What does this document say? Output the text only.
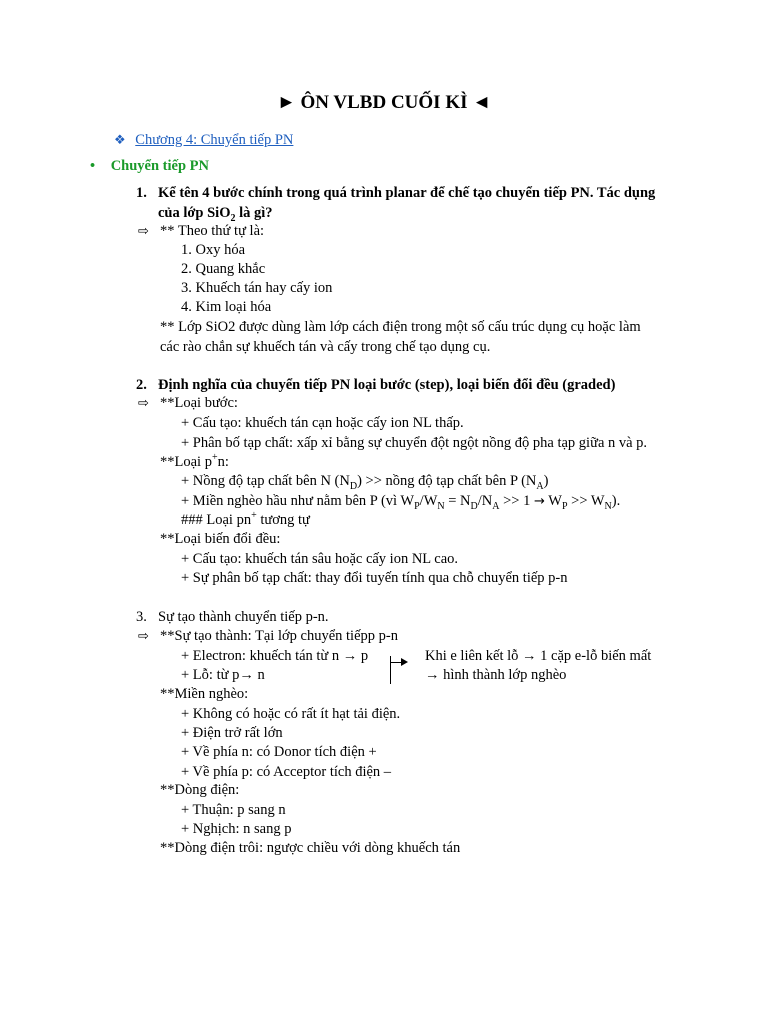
► ÔN VLBD CUỐI KÌ ◄
❖ Chương 4: Chuyển tiếp PN
• Chuyển tiếp PN
1. Kể tên 4 bước chính trong quá trình planar để chế tạo chuyển tiếp PN. Tác dụng
của lớp SiO$_2$ là gì?
⇨ ** Theo thứ tự là:
1. Oxy hóa
2. Quang khắc
3. Khuếch tán hay cấy ion
4. Kim loại hóa
** Lớp SiO2 được dùng làm lớp cách điện trong một số cấu trúc dụng cụ hoặc làm
các rào chắn sự khuếch tán và cấy trong chế tạo dụng cụ.
2. Định nghĩa của chuyển tiếp PN loại bước (step), loại biến đổi đều (graded)
⇨ **Loại bước:
+ Cấu tạo: khuếch tán cạn hoặc cấy ion NL thấp.
+ Phân bố tạp chất: xấp xỉ bằng sự chuyển đột ngột nồng độ pha tạp giữa n và p.
**Loại p+n:
+ Nồng độ tạp chất bên N $(N_D)$ >> nồng độ tạp chất bên P $(N_A)$
+ Miền nghèo hầu như nằm bên P (vì $W_P/W_N = N_D/N_A >> 1 \to W_P >> W_N$).
### Loại pn+ tương tự
**Loại biến đổi đều:
+ Cấu tạo: khuếch tán sâu hoặc cấy ion NL cao.
+ Sự phân bố tạp chất: thay đổi tuyến tính qua chỗ chuyển tiếp p-n
3. Sự tạo thành chuyển tiếp p-n.
⇨ **Sự tạo thành: Tại lớp chuyển tiếpp p-n
+ Electron: khuếch tán từ n → p
+ Lỗ: từ p→ n
Khi e liên kết lỗ → 1 cặp e-lỗ biến mất
→ hình thành lớp nghèo
**Miền nghèo:
+ Không có hoặc có rất ít hạt tải điện.
+ Điện trở rất lớn
+ Về phía n: có Donor tích điện +
+ Về phía p: có Acceptor tích điện –
**Dòng điện:
+ Thuận: p sang n
+ Nghịch: n sang p
**Dòng điện trôi: ngược chiều với dòng khuếch tán
